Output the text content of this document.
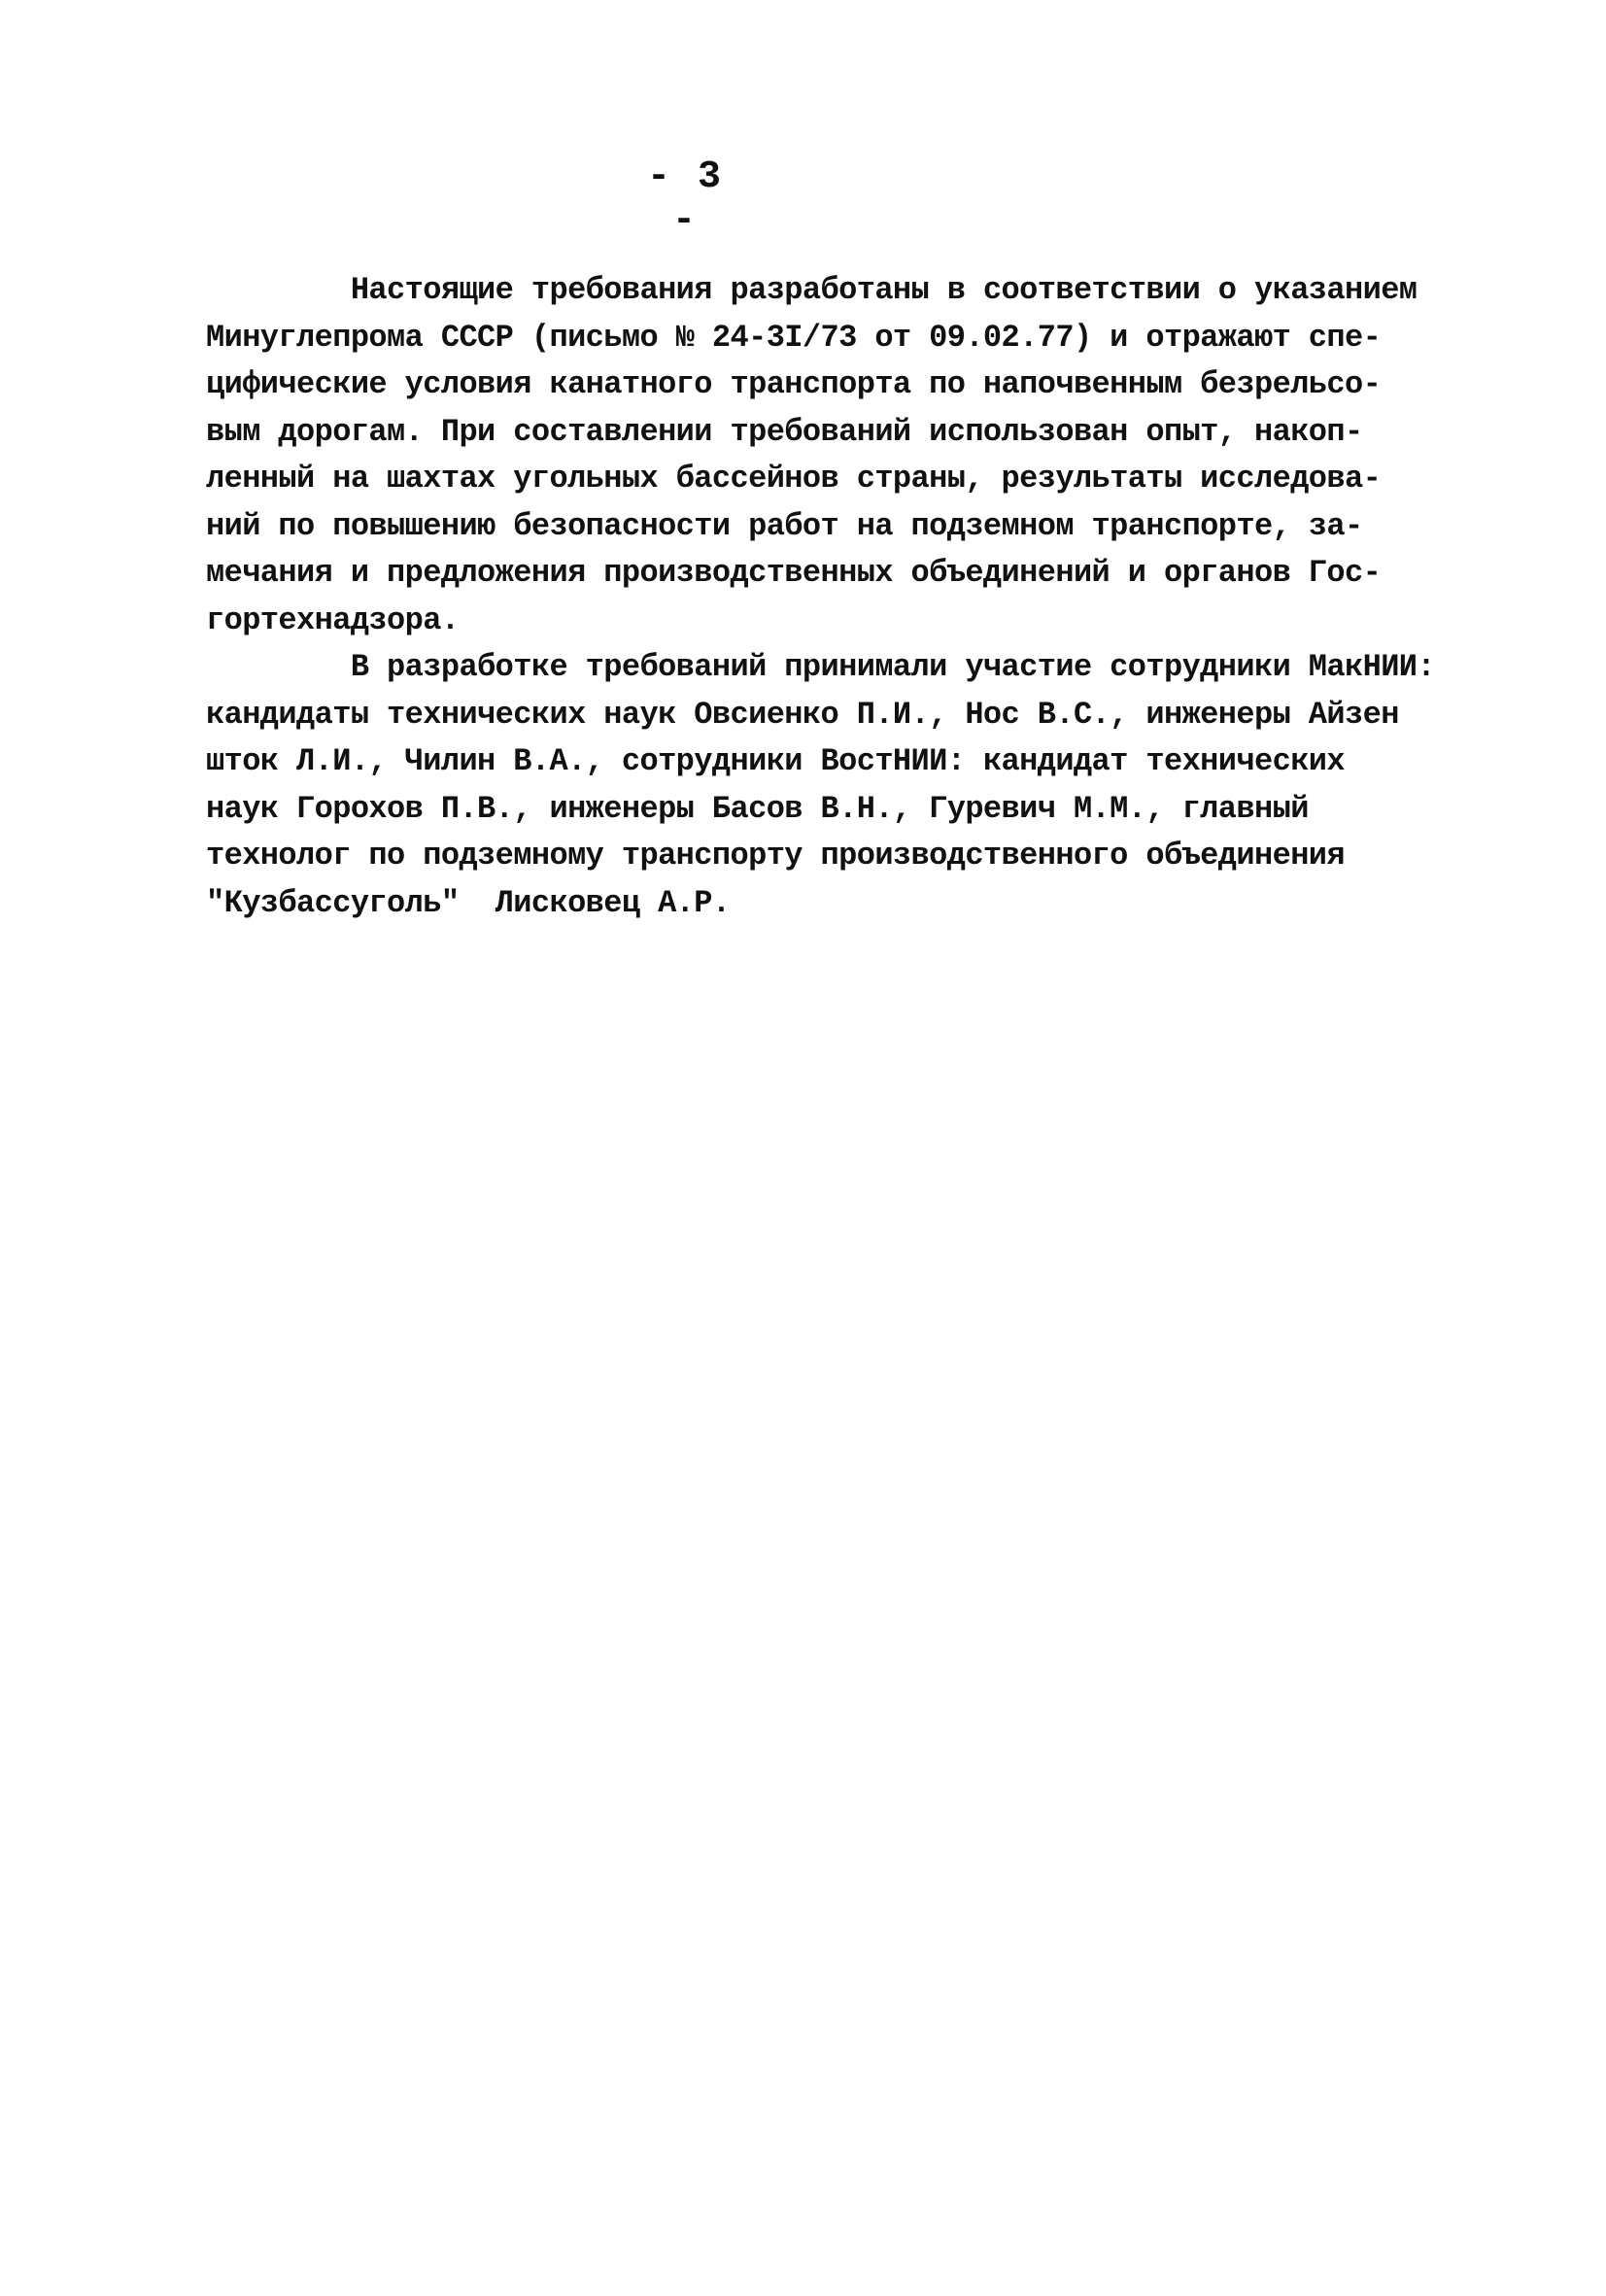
- 3 -
Настоящие требования разработаны в соответствии о указанием
Минуглепрома СССР (письмо № 24-3I/73 от 09.02.77) и отражают спе-
цифические условия канатного транспорта по напочвенным безрельсо-
вым дорогам. При составлении требований использован опыт, накоп-
ленный на шахтах угольных бассейнов страны, результаты исследова-
ний по повышению безопасности работ на подземном транспорте, за-
мечания и предложения производственных объединений и органов Гос-
гортехнадзора.
В разработке требований принимали участие сотрудники МакНИИ:
кандидаты технических наук Овсиенко П.И., Нос В.С., инженеры Айзен
шток Л.И., Чилин В.А., сотрудники ВостНИИ: кандидат технических
наук Горохов П.В., инженеры Басов В.Н., Гуревич М.М., главный
технолог по подземному транспорту производственного объединения
"Кузбассуголь"  Лисковец А.Р.
